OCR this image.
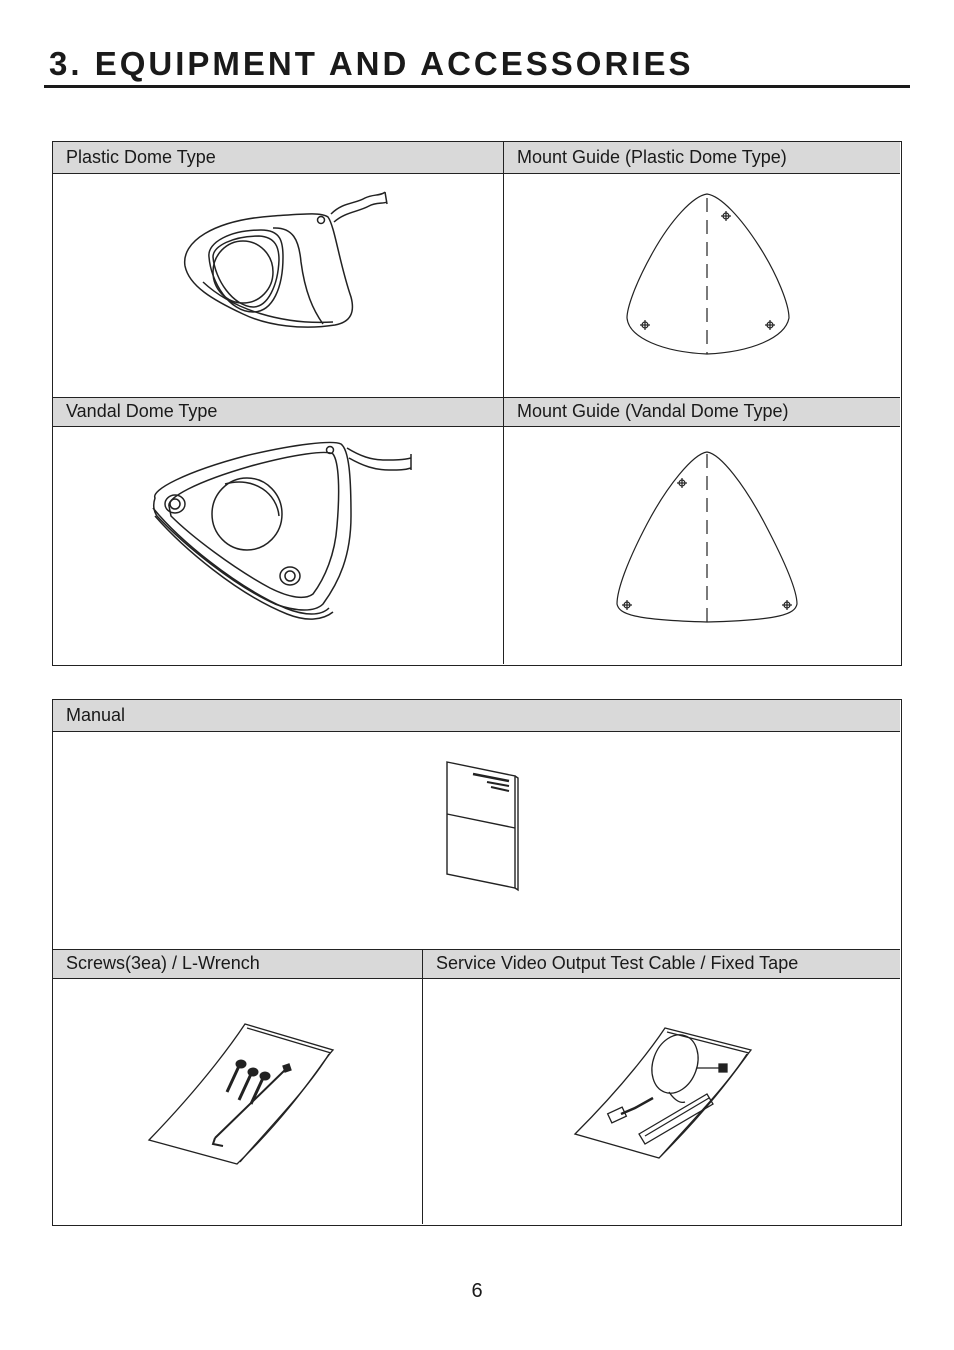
3. EQUIPMENT AND ACCESSORIES
Plastic Dome Type	Mount Guide (Plastic Dome Type)
Vandal Dome Type	Mount Guide (Vandal Dome Type)
Manual
Screws(3ea) / L-Wrench	Service Video Output Test Cable / Fixed Tape
6
